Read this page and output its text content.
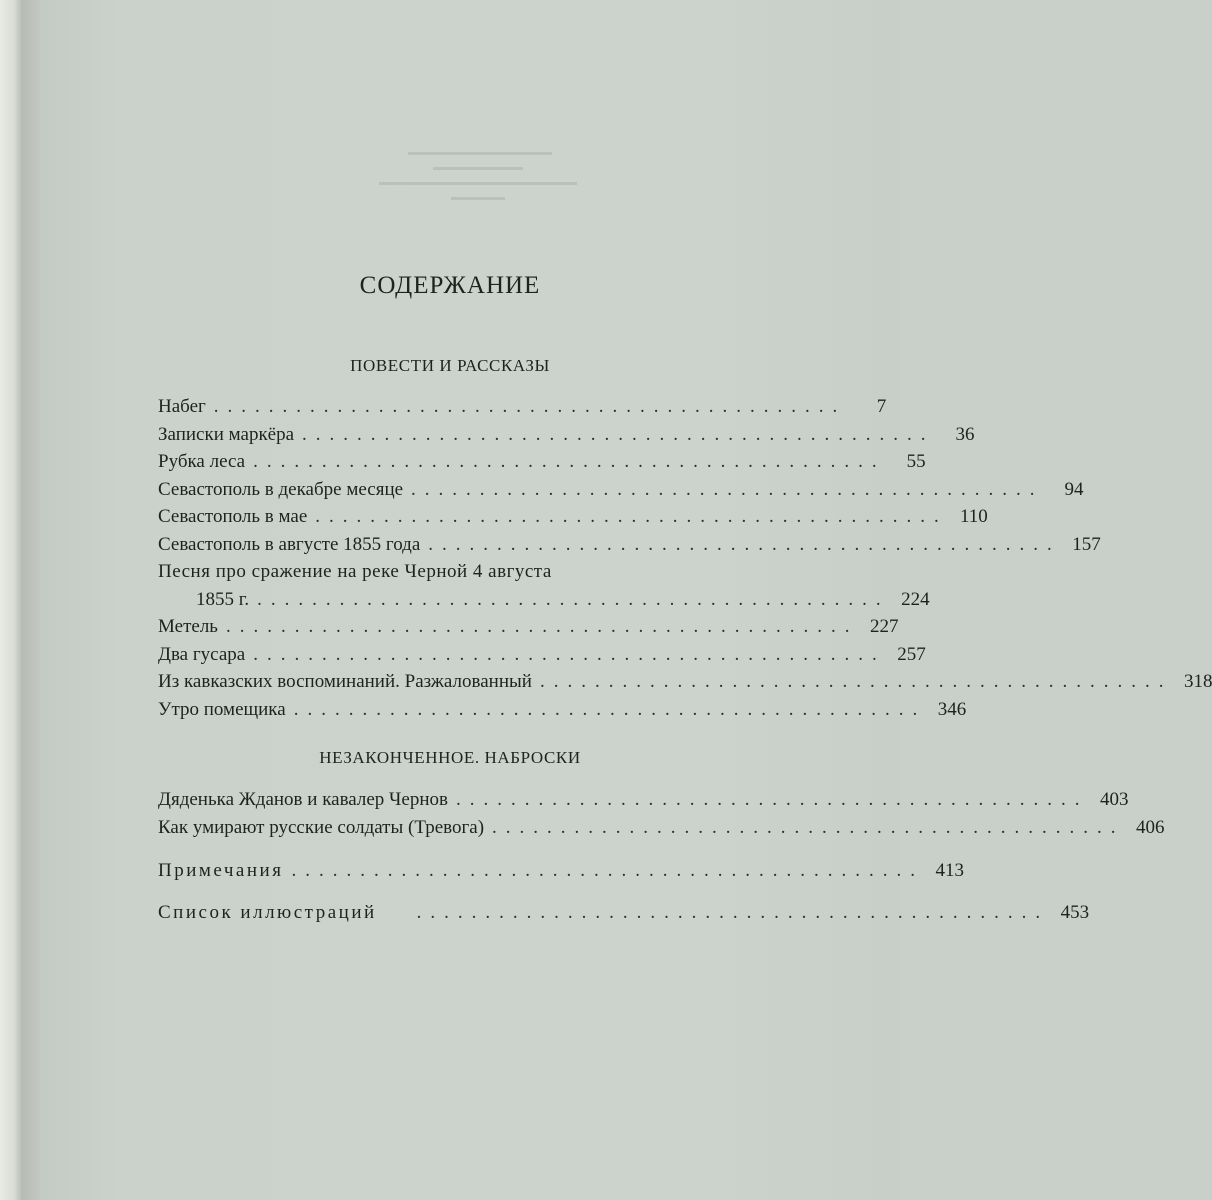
СОДЕРЖАНИЕ
ПОВЕСТИ И РАССКАЗЫ
Набег ..............................................	7
Записки маркёра ..............................................	36
Рубка леса ..............................................	55
Севастополь в декабре месяце ..............................................	94
Севастополь в мае .............................................. 110
Севастополь в августе 1855 года .............................................. 157
Песня про сражение на реке Черной 4 августа
1855 г. .............................................. 224
Метель .............................................. 227
Два гусара .............................................. 257
Из кавказских воспоминаний. Разжалованный .............................................. 318
Утро помещика .............................................. 346
НЕЗАКОНЧЕННОЕ. НАБРОСКИ
Дяденька Жданов и кавалер Чернов .............................................. 403
Как умирают русские солдаты (Тревога) .............................................. 406
Примечания .............................................. 413
Список иллюстраций	.............................................. 453
